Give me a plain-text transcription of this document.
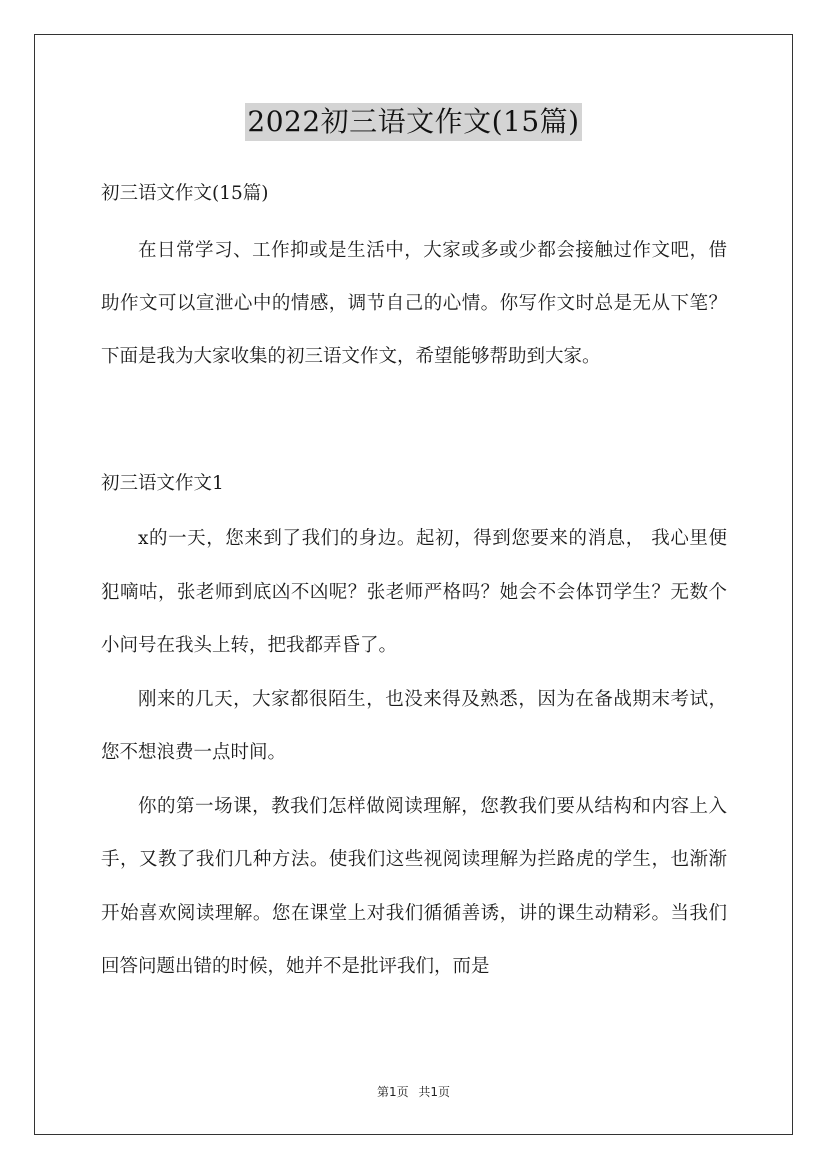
2022初三语文作文(15篇)

初三语文作文(15篇)

在日常学习、工作抑或是生活中，大家或多或少都会接触过作文吧，借助作文可以宣泄心中的情感，调节自己的心情。你写作文时总是无从下笔？下面是我为大家收集的初三语文作文，希望能够帮助到大家。

初三语文作文1

x的一天，您来到了我们的身边。起初，得到您要来的消息， 我心里便犯嘀咕，张老师到底凶不凶呢？张老师严格吗？她会不会体罚学生？无数个小问号在我头上转，把我都弄昏了。

刚来的几天，大家都很陌生，也没来得及熟悉，因为在备战期末考试，您不想浪费一点时间。

你的第一场课，教我们怎样做阅读理解，您教我们要从结构和内容上入手，又教了我们几种方法。使我们这些视阅读理解为拦路虎的学生，也渐渐开始喜欢阅读理解。您在课堂上对我们循循善诱，讲的课生动精彩。当我们回答问题出错的时候，她并不是批评我们，而是

第1页 共1页
